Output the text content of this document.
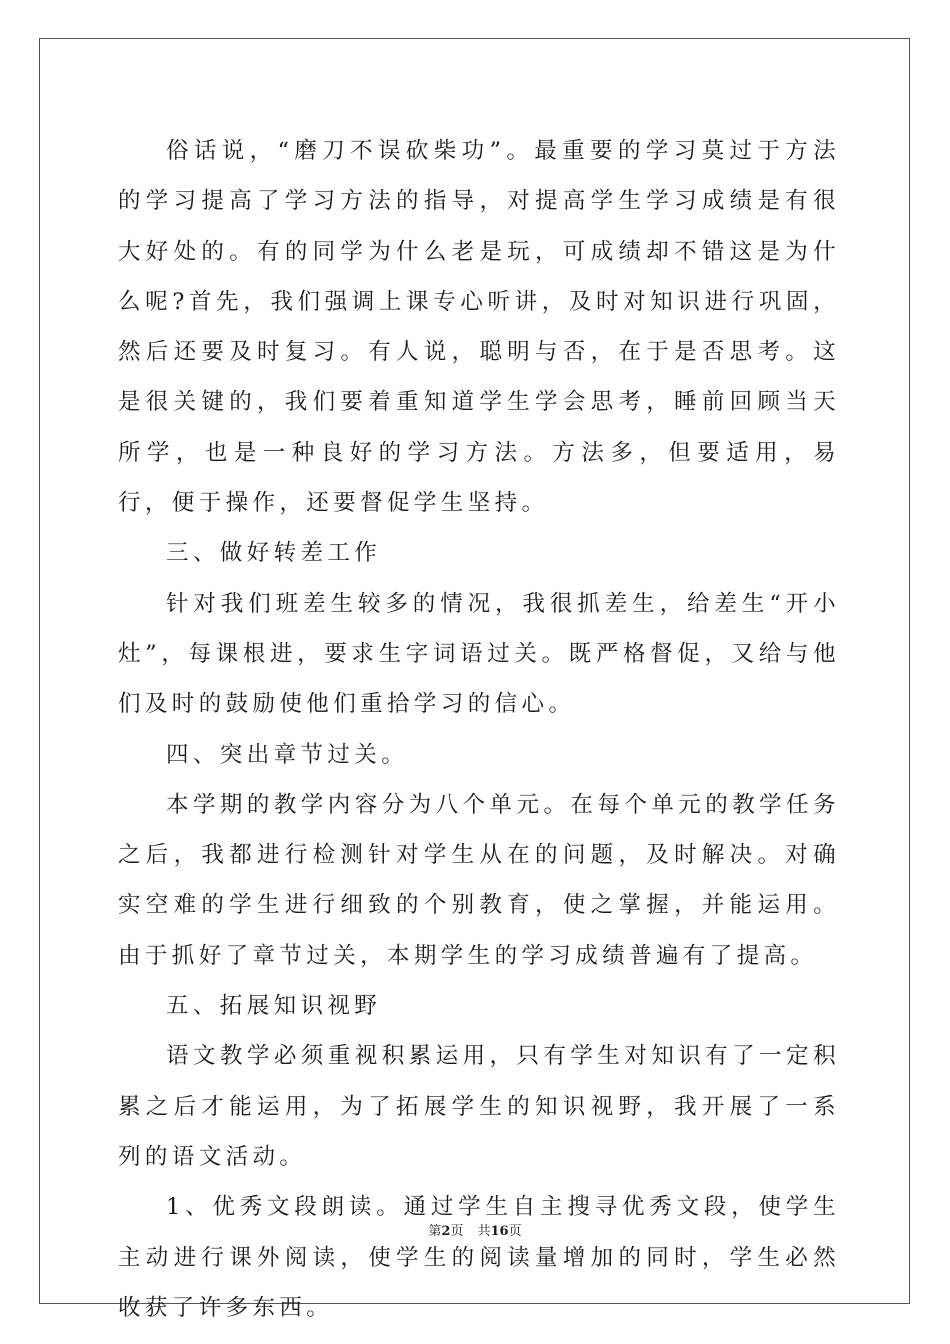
俗话说，“磨刀不误砍柴功”。最重要的学习莫过于方法的学习提高了学习方法的指导，对提高学生学习成绩是有很大好处的。有的同学为什么老是玩，可成绩却不错这是为什么呢?首先，我们强调上课专心听讲，及时对知识进行巩固，然后还要及时复习。有人说，聪明与否，在于是否思考。这是很关键的，我们要着重知道学生学会思考，睡前回顾当天所学，也是一种良好的学习方法。方法多，但要适用，易行，便于操作，还要督促学生坚持。

三、做好转差工作

针对我们班差生较多的情况，我很抓差生，给差生“开小灶”，每课根进，要求生字词语过关。既严格督促，又给与他们及时的鼓励使他们重拾学习的信心。

四、突出章节过关。

本学期的教学内容分为八个单元。在每个单元的教学任务之后，我都进行检测针对学生从在的问题，及时解决。对确实空难的学生进行细致的个别教育，使之掌握，并能运用。由于抓好了章节过关，本期学生的学习成绩普遍有了提高。

五、拓展知识视野

语文教学必须重视积累运用，只有学生对知识有了一定积累之后才能运用，为了拓展学生的知识视野，我开展了一系列的语文活动。

1、优秀文段朗读。通过学生自主搜寻优秀文段，使学生主动进行课外阅读，使学生的阅读量增加的同时，学生必然收获了许多东西。

第2页 共16页
